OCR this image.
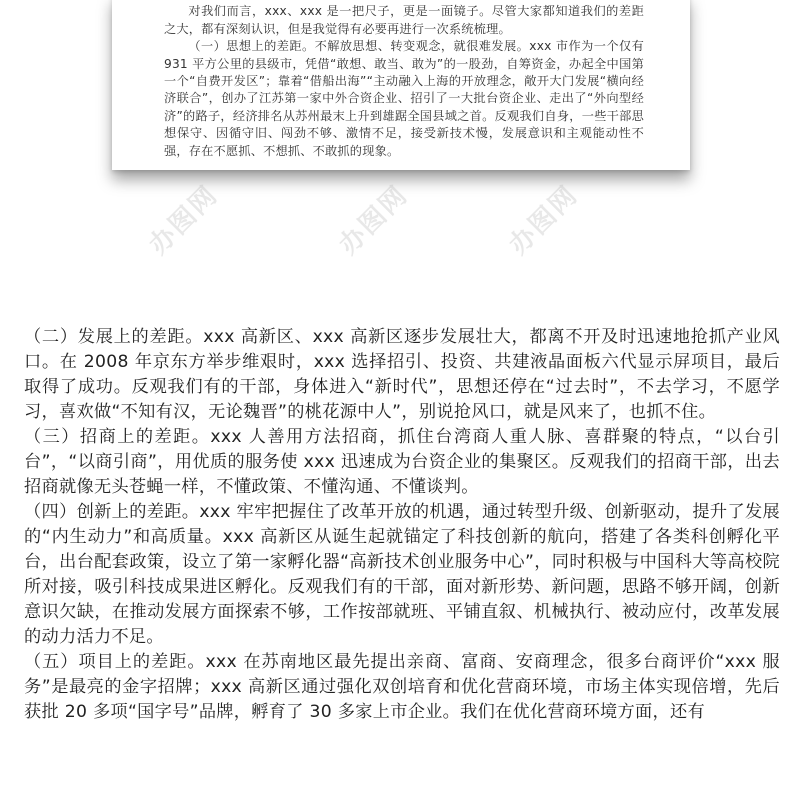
对我们而言，xxx、xxx 是一把尺子，更是一面镜子。尽管大家都知道我们的差距之大，都有深刻认识，但是我觉得有必要再进行一次系统梳理。

（一）思想上的差距。不解放思想、转变观念，就很难发展。xxx 市作为一个仅有 931 平方公里的县级市，凭借“敢想、敢当、敢为”的一股劲，自筹资金，办起全中国第一个“自费开发区”；靠着“借船出海”“主动融入上海的开放理念，敞开大门发展“横向经济联合”，创办了江苏第一家中外合资企业、招引了一大批台资企业、走出了“外向型经济”的路子，经济排名从苏州最末上升到雄踞全国县域之首。反观我们自身，一些干部思想保守、因循守旧、闯劲不够、激情不足，接受新技术慢，发展意识和主观能动性不强，存在不愿抓、不想抓、不敢抓的现象。

办图网	办图网	办图网

（二）发展上的差距。xxx 高新区、xxx 高新区逐步发展壮大，都离不开及时迅速地抢抓产业风口。在 2008 年京东方举步维艰时，xxx 选择招引、投资、共建液晶面板六代显示屏项目，最后取得了成功。反观我们有的干部，身体进入“新时代”，思想还停在“过去时”，不去学习，不愿学习，喜欢做“不知有汉，无论魏晋”的桃花源中人”，别说抢风口，就是风来了，也抓不住。

（三）招商上的差距。xxx 人善用方法招商，抓住台湾商人重人脉、喜群聚的特点，“以台引台”，“以商引商”，用优质的服务使 xxx 迅速成为台资企业的集聚区。反观我们的招商干部，出去招商就像无头苍蝇一样，不懂政策、不懂沟通、不懂谈判。

（四）创新上的差距。xxx 牢牢把握住了改革开放的机遇，通过转型升级、创新驱动，提升了发展的“内生动力”和高质量。xxx 高新区从诞生起就锚定了科技创新的航向，搭建了各类科创孵化平台，出台配套政策，设立了第一家孵化器“高新技术创业服务中心”，同时积极与中国科大等高校院所对接，吸引科技成果进区孵化。反观我们有的干部，面对新形势、新问题，思路不够开阔，创新意识欠缺，在推动发展方面探索不够，工作按部就班、平铺直叙、机械执行、被动应付，改革发展的动力活力不足。

（五）项目上的差距。xxx 在苏南地区最先提出亲商、富商、安商理念，很多台商评价“xxx 服务”是最亮的金字招牌；xxx 高新区通过强化双创培育和优化营商环境，市场主体实现倍增，先后获批 20 多项“国字号”品牌，孵育了 30 多家上市企业。我们在优化营商环境方面，还有
